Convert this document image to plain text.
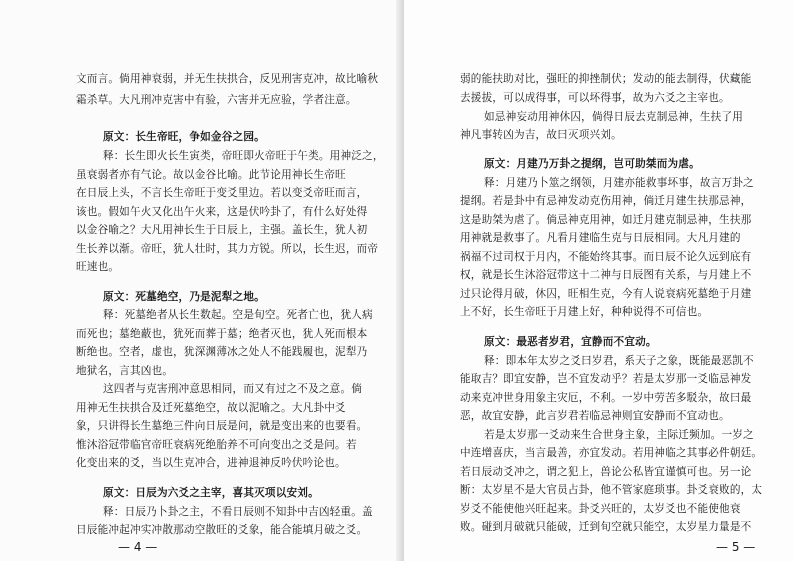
文而言。倘用神衰弱，并无生扶拱合，反见刑害克冲，故比喻秋
霜杀草。大凡刑冲克害中有验，六害并无应验，学者注意。
原文：长生帝旺，争如金谷之园。
释：长生即火长生寅类，帝旺即火帝旺于午类。用神泛之，
虽衰弱者亦有气论。故以金谷比喻。此节论用神长生帝旺
在日辰上头，不言长生帝旺于变爻里边。若以变爻帝旺而言，
该也。假如午火又化出午火来，这是伏吟卦了，有什么好处得
以金谷喻之？大凡用神长生于日辰上，主强。盖长生，犹人初
生长养以渐。帝旺，犹人壮时，其力方锐。所以，长生迟，而帝
旺速也。
原文：死墓绝空，乃是泥犁之地。
释：死墓绝者从长生数起。空是旬空。死者亡也，犹人病
而死也；墓绝蔽也，犹死而葬于墓；绝者灭也，犹人死而根本
断绝也。空者，虚也，犹深渊薄冰之处人不能践履也，泥犁乃
地狱名，言其凶也。
这四者与克害刑冲意思相同，而又有过之不及之意。倘
用神无生扶拱合及迁死墓绝空，故以泥喻之。大凡卦中爻
象，只讲得长生墓绝三件向日辰是问，就是变出来的也要看。
惟沐浴冠带临官帝旺衰病死绝胎养不可向变出之爻是问。若
化变出来的爻，当以生克冲合，进神退神反吟伏吟论也。
原文：日辰为六爻之主宰，喜其灭项以安刘。
释：日辰乃卜卦之主，不看日辰则不知卦中吉凶轻重。盖
日辰能冲起冲实冲散那动空散旺的爻象，能合能填月破之爻。
— 4 —
弱的能扶助对比，强旺的抑挫制伏；发动的能去制得，伏藏能
去援拔，可以成得事，可以坏得事，故为六爻之主宰也。
如忌神妄动用神休囚，倘得日辰去克制忌神，生扶了用
神凡事转凶为吉，故曰灭项兴刘。
原文：月建乃万卦之提纲，岂可助桀而为虐。
释：月建乃卜筮之纲领，月建亦能救事坏事，故言万卦之
提纲。若是卦中有忌神发动克伤用神，倘迁月建生扶那忌神，
这是助桀为虐了。倘忌神克用神，如迁月建克制忌神，生扶那
用神就是救事了。凡看月建临生克与日辰相同。大凡月建的
祸福不过司权于月内，不能始终其事。而日辰不论久远到底有
权，就是长生沐浴冠带这十二神与日辰图有关系，与月建上不
过只论得月破，休囚，旺相生克，今有人说衰病死墓绝于月建
上不好，长生帝旺于月建上好，种种说得不可信也。
原文：最恶者岁君，宜静而不宜动。
释：即本年太岁之爻曰岁君，系天子之象，既能最恶凯不
能取吉？即宜安静，岂不宜发动乎？若是太岁那一爻临忌神发
动来克冲世身用象主灾厄，不利。一岁中劳苦多駁杂，故曰最
恶，故宜安静，此言岁君若临忌神则宜安静而不宜动也。
若是太岁那一爻动来生合世身主象，主际迁频加。一岁之
中连增喜庆，当言最善，亦宜发动。若用神临之其事必件朝廷。
若日辰动爻冲之，谓之犯上，兽论公私皆宜谨慎可也。另一论
断：太岁星不是大官员占卦，他不管家庭琐事。卦爻衰败的，太
岁爻不能使他兴旺起来。卦爻兴旺的，太岁爻也不能使他衰
败。碰到月破就只能破，迁到旬空就只能空，太岁星力量是不
— 5 —
